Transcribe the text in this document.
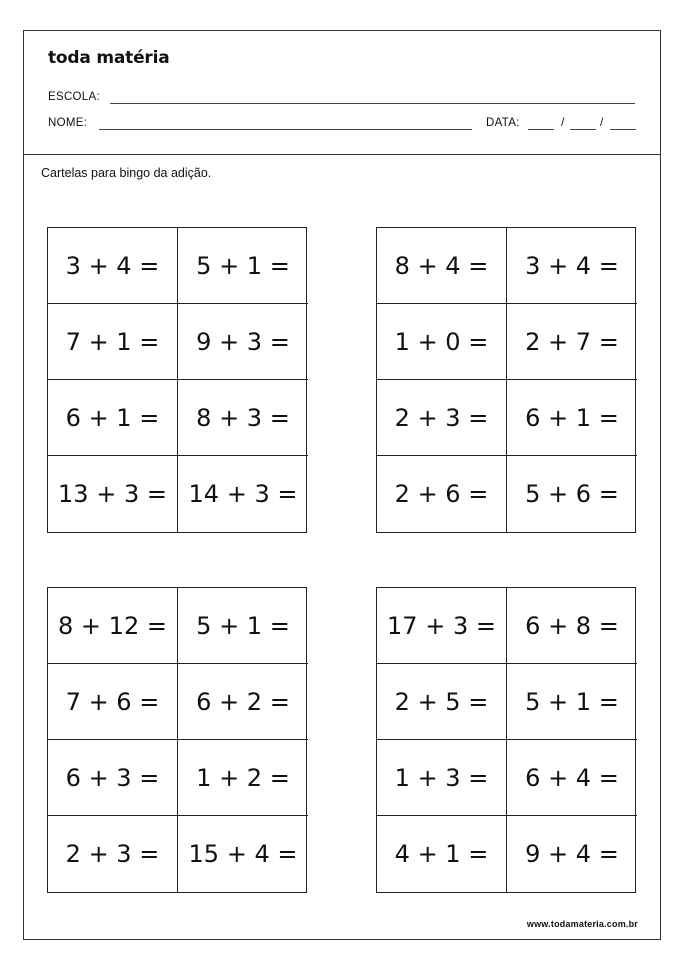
toda matéria
ESCOLA:
NOME:	DATA:	/	/
Cartelas para bingo da adição.
3 + 4 =	5 + 1 =
7 + 1 =	9 + 3 =
6 + 1 =	8 + 3 =
13 + 3 = 14 + 3 =
8 + 4 =	3 + 4 =
1 + 0 =	2 + 7 =
2 + 3 =	6 + 1 =
2 + 6 =	5 + 6 =
8 + 12 =	5 + 1 =
7 + 6 =	6 + 2 =
6 + 3 =	1 + 2 =
2 + 3 =	15 + 4 =
17 + 3 =	6 + 8 =
2 + 5 =	5 + 1 =
1 + 3 =	6 + 4 =
4 + 1 =	9 + 4 =
www.todamateria.com.br
